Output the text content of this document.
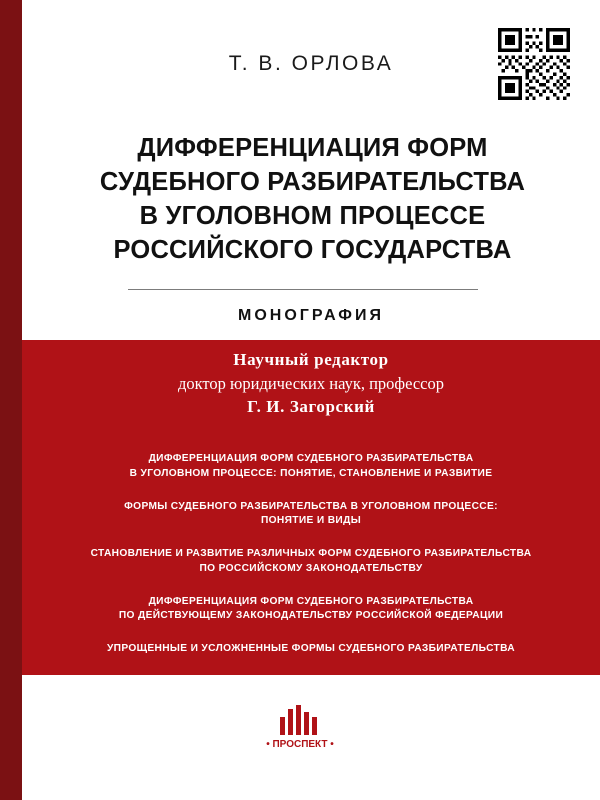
Т. В. ОРЛОВА
ДИФФЕРЕНЦИАЦИЯ ФОРМ
СУДЕБНОГО РАЗБИРАТЕЛЬСТВА
В УГОЛОВНОМ ПРОЦЕССЕ
РОССИЙСКОГО ГОСУДАРСТВА
МОНОГРАФИЯ
Научный редактор
доктор юридических наук, профессор
Г. И. Загорский
ДИФФЕРЕНЦИАЦИЯ ФОРМ СУДЕБНОГО РАЗБИРАТЕЛЬСТВА
В УГОЛОВНОМ ПРОЦЕССЕ: ПОНЯТИЕ, СТАНОВЛЕНИЕ И РАЗВИТИЕ
ФОРМЫ СУДЕБНОГО РАЗБИРАТЕЛЬСТВА В УГОЛОВНОМ ПРОЦЕССЕ:
ПОНЯТИЕ И ВИДЫ
СТАНОВЛЕНИЕ И РАЗВИТИЕ РАЗЛИЧНЫХ ФОРМ СУДЕБНОГО РАЗБИРАТЕЛЬСТВА
ПО РОССИЙСКОМУ ЗАКОНОДАТЕЛЬСТВУ
ДИФФЕРЕНЦИАЦИЯ ФОРМ СУДЕБНОГО РАЗБИРАТЕЛЬСТВА
ПО ДЕЙСТВУЮЩЕМУ ЗАКОНОДАТЕЛЬСТВУ РОССИЙСКОЙ ФЕДЕРАЦИИ
УПРОЩЕННЫЕ И УСЛОЖНЕННЫЕ ФОРМЫ СУДЕБНОГО РАЗБИРАТЕЛЬСТВА
• ПРОСПЕКТ •
